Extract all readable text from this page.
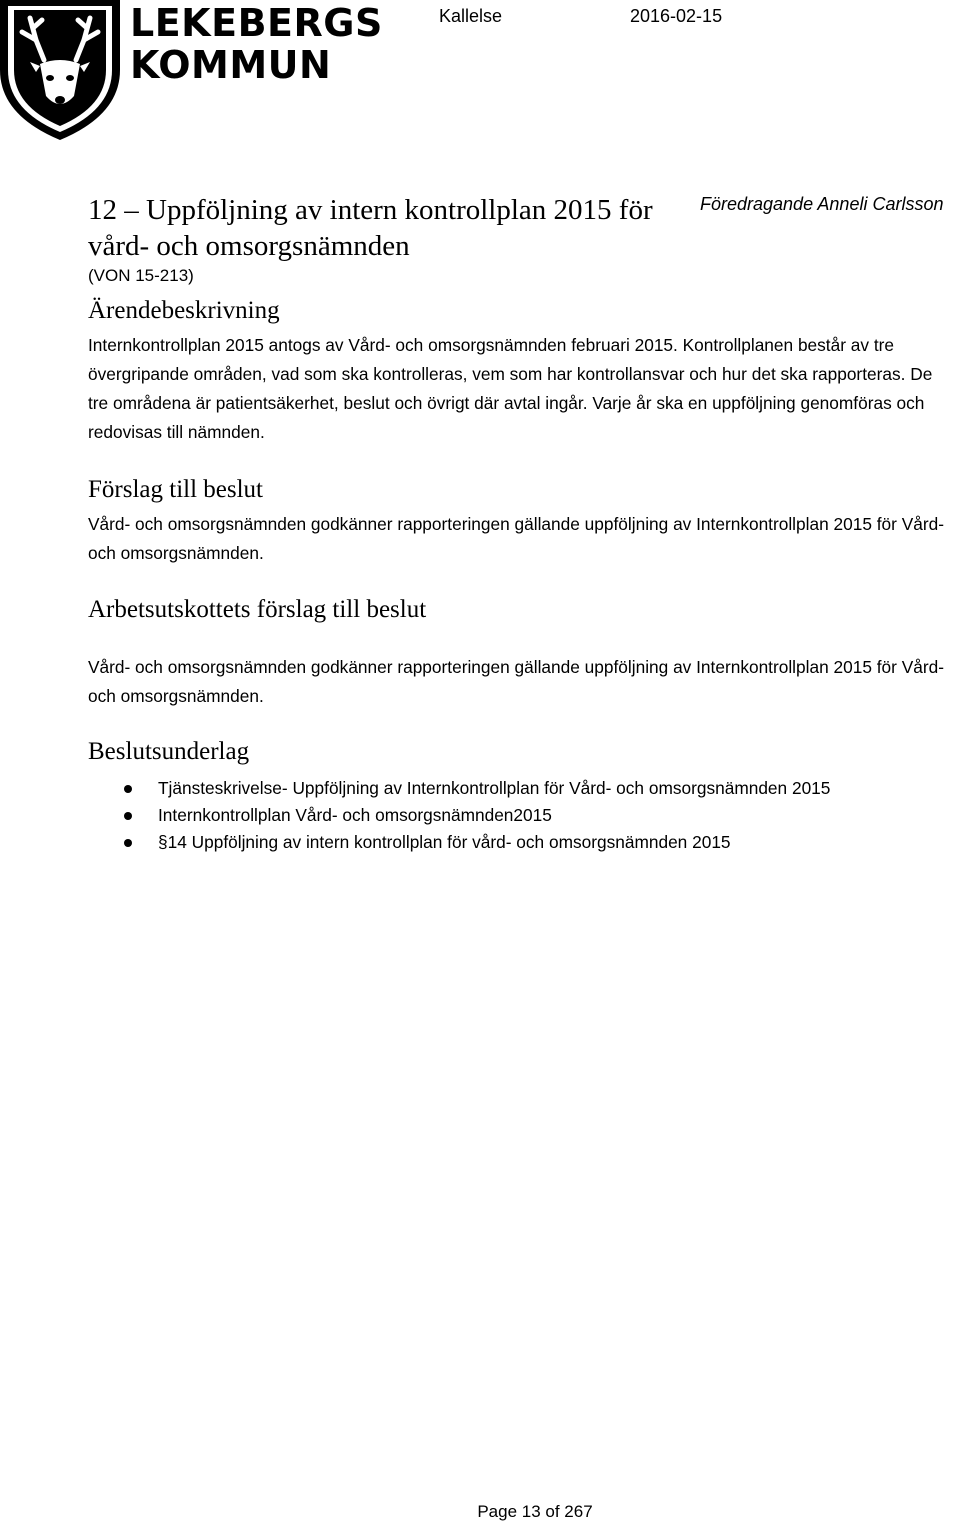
LEKEBERGS
KOMMUN
Kallelse	2016-02-15
Föredragande Anneli Carlsson
12 – Uppföljning av intern kontrollplan 2015 för vård- och omsorgsnämnden
(VON 15-213)
Ärendebeskrivning

Internkontrollplan 2015 antogs av Vård- och omsorgsnämnden februari 2015. Kontrollplanen består av tre övergripande områden, vad som ska kontrolleras, vem som har kontrollansvar och hur det ska rapporteras. De tre områdena är patientsäkerhet, beslut och övrigt där avtal ingår. Varje år ska en uppföljning genomföras och redovisas till nämnden.

Förslag till beslut

Vård- och omsorgsnämnden godkänner rapporteringen gällande uppföljning av Internkontrollplan 2015 för Vård- och omsorgsnämnden.

Arbetsutskottets förslag till beslut

Vård- och omsorgsnämnden godkänner rapporteringen gällande uppföljning av Internkontrollplan 2015 för Vård- och omsorgsnämnden.

Beslutsunderlag
Tjänsteskrivelse- Uppföljning av Internkontrollplan för Vård- och omsorgsnämnden 2015
Internkontrollplan Vård- och omsorgsnämnden2015
§14 Uppföljning av intern kontrollplan för vård- och omsorgsnämnden 2015
Page 13 of 267
